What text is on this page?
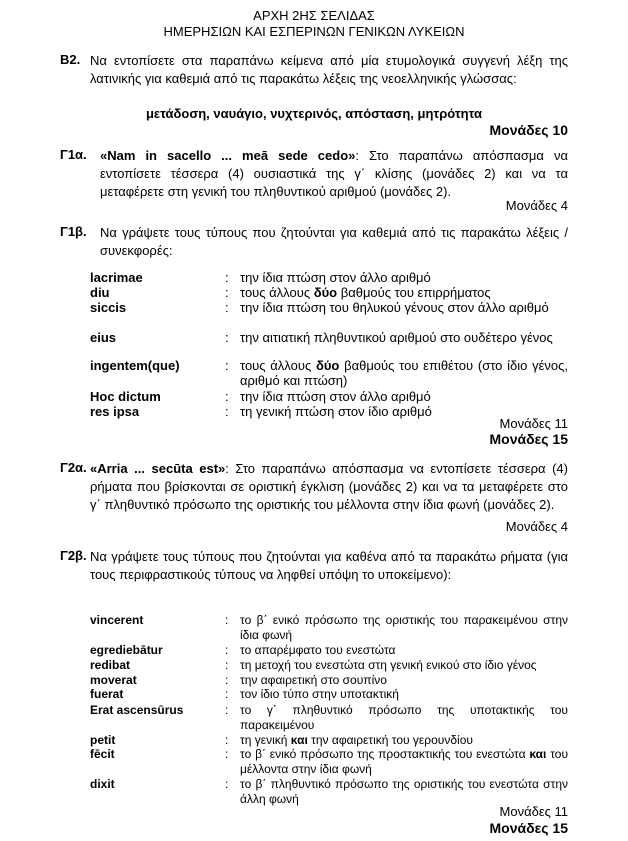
ΑΡΧΗ 2ΗΣ ΣΕΛΙΔΑΣ
ΗΜΕΡΗΣΙΩΝ ΚΑΙ ΕΣΠΕΡΙΝΩΝ ΓΕΝΙΚΩΝ ΛΥΚΕΙΩΝ
Β2. Να εντοπίσετε στα παραπάνω κείμενα από μία ετυμολογικά συγγενή λέξη της λατινικής για καθεμιά από τις παρακάτω λέξεις της νεοελληνικής γλώσσας:
μετάδοση, ναυάγιο, νυχτερινός, απόσταση, μητρότητα
Μονάδες 10
Γ1α. «Nam in sacello ... meā sede cedo»: Στο παραπάνω απόσπασμα να εντοπίσετε τέσσερα (4) ουσιαστικά της γ΄ κλίσης (μονάδες 2) και να τα μεταφέρετε στη γενική του πληθυντικού αριθμού (μονάδες 2).
Μονάδες 4
Γ1β. Να γράψετε τους τύπους που ζητούνται για καθεμιά από τις παρακάτω λέξεις / συνεκφορές:
lacrimae	: την ίδια πτώση στον άλλο αριθμό
diu	: τους άλλους δύο βαθμούς του επιρρήματος
siccis	: την ίδια πτώση του θηλυκού γένους στον άλλο αριθμό
eius	: την αιτιατική πληθυντικού αριθμού στο ουδέτερο γένος
ingentem(que)	: τους άλλους δύο βαθμούς του επιθέτου (στο ίδιο γένος, αριθμό και πτώση)
Hoc dictum	: την ίδια πτώση στον άλλο αριθμό
res ipsa	: τη γενική πτώση στον ίδιο αριθμό
Μονάδες 11
Μονάδες 15
Γ2α. «Arria ... secūta est»: Στο παραπάνω απόσπασμα να εντοπίσετε τέσσερα (4) ρήματα που βρίσκονται σε οριστική έγκλιση (μονάδες 2) και να τα μεταφέρετε στο γ΄ πληθυντικό πρόσωπο της οριστικής του μέλλοντα στην ίδια φωνή (μονάδες 2).
Μονάδες 4
Γ2β. Να γράψετε τους τύπους που ζητούνται για καθένα από τα παρακάτω ρήματα (για τους περιφραστικούς τύπους να ληφθεί υπόψη το υποκείμενο):
vincerent	: το β΄ ενικό πρόσωπο της οριστικής του παρακειμένου στην ίδια φωνή
egrediebātur	: το απαρέμφατο του ενεστώτα
redibat	: τη μετοχή του ενεστώτα στη γενική ενικού στο ίδιο γένος
moverat	: την αφαιρετική στο σουπίνο
fuerat	: τον ίδιο τύπο στην υποτακτική
Erat ascensūrus	: το γ΄ πληθυντικό πρόσωπο της υποτακτικής του παρακειμένου
petit	: τη γενική και την αφαιρετική του γερουνδίου
fēcit	: το β΄ ενικό πρόσωπο της προστακτικής του ενεστώτα και του μέλλοντα στην ίδια φωνή
dixit	: το β΄ πληθυντικό πρόσωπο της οριστικής του ενεστώτα στην άλλη φωνή
Μονάδες 11
Μονάδες 15
